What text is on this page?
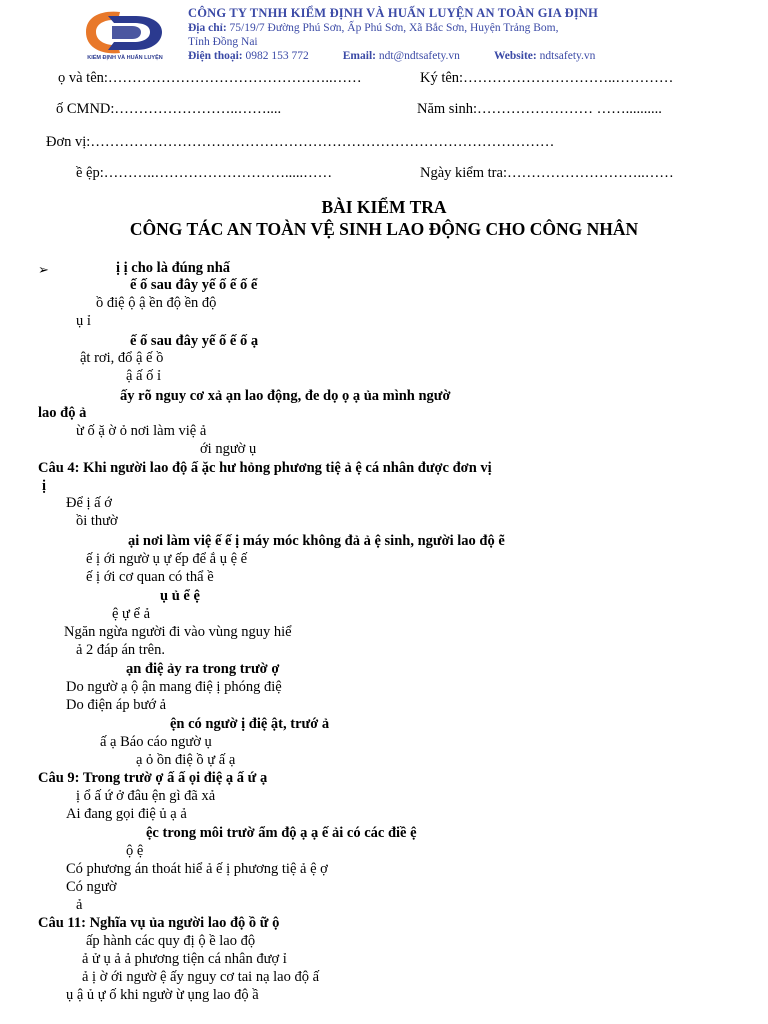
KIỂM ĐỊNH VÀ HUẤN LUYỆN
CÔNG TY TNHH KIỂM ĐỊNH VÀ HUẤN LUYỆN AN TOÀN GIA ĐỊNH
Địa chỉ: 75/19/7 Đường Phú Sơn, Ấp Phú Sơn, Xã Bắc Sơn, Huyện Trảng Bom,
Tỉnh Đồng Nai
Điện thoại: 0982 153 772	Email: ndt@ndtsafety.vn	Website: ndtsafety.vn
ọ và tên:………………………………………..……	Ký tên:…………………………..…………
ố CMND:……………………..……....	Năm sinh:…………………… ……..........
Đơn vị:……………………………………………………………………………………
ề ệp:………..……………………….....……	Ngày kiểm tra:………………………..……
BÀI KIỂM TRA
CÔNG TÁC AN TOÀN VỆ SINH LAO ĐỘNG CHO CÔNG NHÂN
➢	ị ị cho là đúng nhấ
ế ố sau đây yế ố ế ố ể
ồ điệ ộ ậ ền độ ền độ
ụ ỉ
ế ố sau đây yế ố ế ố ạ
ật rơi, đổ ậ ế ồ
ậ ấ ố ỉ
ấy rõ nguy cơ xả ạn lao động, đe dọ ọ ạ ủa mình ngườ
lao độ ả
ừ ố ặ ờ ỏ nơi làm việ ả
ới ngườ ụ
Câu 4: Khi người lao độ ấ ặc hư hỏng phương tiệ ả ệ cá nhân được đơn vị
ị
Để ị ấ ớ
ồi thườ
ại nơi làm việ ế ế ị máy móc không đả ả ệ sinh, người lao độ ẽ
ế ị ới ngườ ụ ự ếp để ắ ụ ệ ế
ế ị ới cơ quan có thẩ ề
ụ ủ ể ệ
ệ ự ể ả
Ngăn ngừa người đi vào vùng nguy hiể
ả 2 đáp án trên.
ạn điệ ảy ra trong trườ ợ
Do ngườ ạ ộ ận mang điệ ị phóng điệ
Do điện áp bướ ả
ện có ngườ ị điệ ật, trướ ả
ấ ạ Báo cáo ngườ ụ
ạ ỏ ồn điệ ồ ự ấ ạ
Câu 9: Trong trườ ợ ấ ấ ọi điệ ạ ấ ứ ạ
ị ổ ấ ứ ở đâu ện gì đã xả
Ai đang gọi điệ ủ ạ ả
ệc trong môi trườ ẩm độ ạ ạ ế ải có các điề ệ
ộ ệ
Có phương án thoát hiể ả ế ị phương tiệ ả ệ ợ
Có ngườ
ả
Câu 11: Nghĩa vụ ủa người lao độ ồ ữ ộ
ấp hành các quy đị ộ ề lao độ
ả ử ụ ả ả phương tiện cá nhân đượ ỉ
ả ị ờ ới ngườ ệ ấy nguy cơ tai nạ lao độ ấ
ụ ậ ủ ự ố khi ngườ ừ ụng lao độ ầ
